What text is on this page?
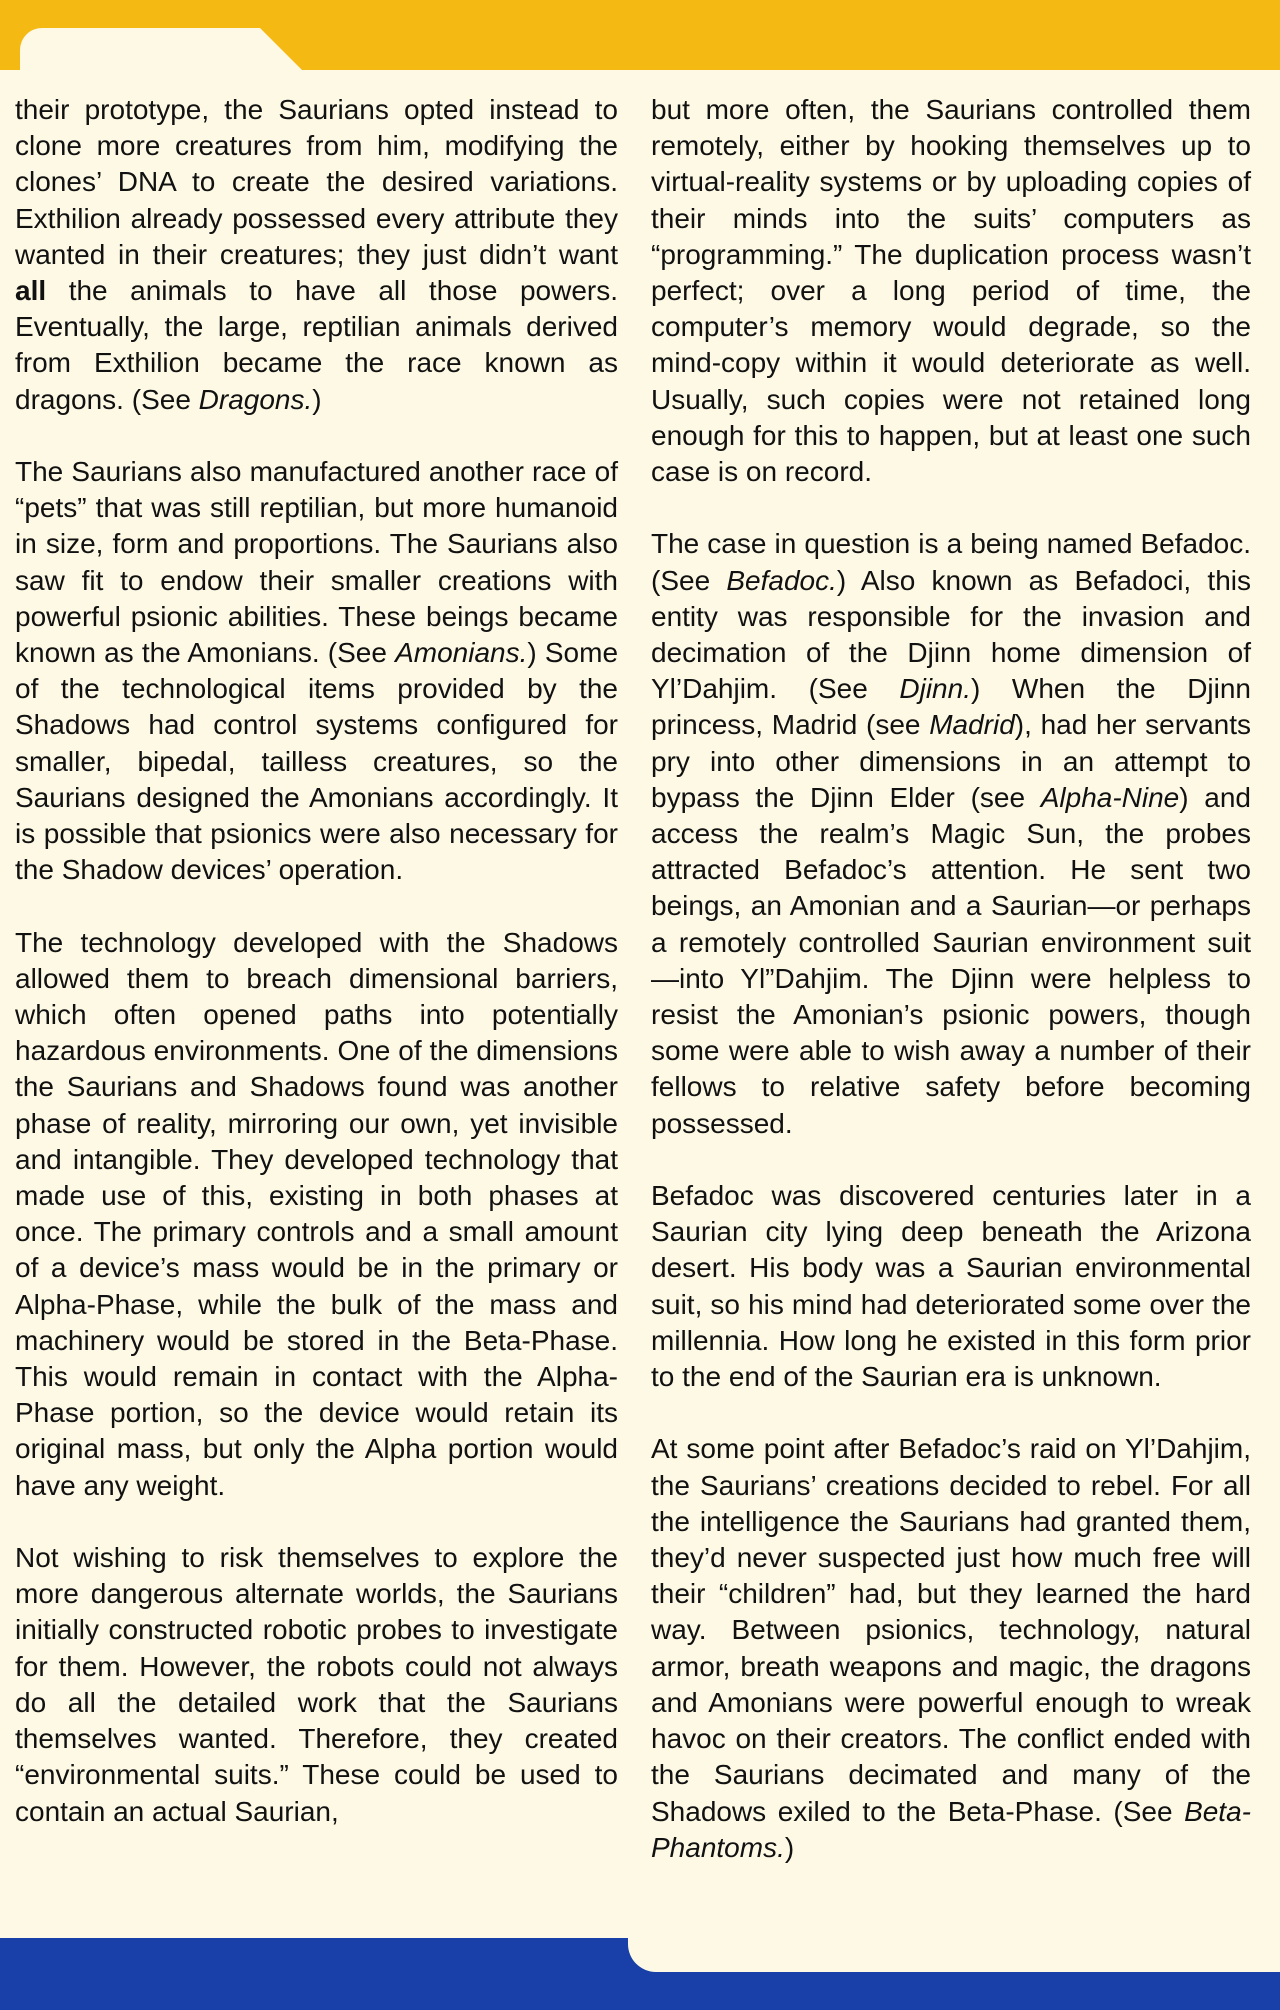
their prototype, the Saurians opted instead to clone more creatures from him, modifying the clones’ DNA to create the desired variations. Exthilion already possessed every attribute they wanted in their creatures; they just didn’t want all the animals to have all those powers. Eventually, the large, reptilian animals derived from Exthilion became the race known as dragons. (See Dragons.)

The Saurians also manufactured another race of “pets” that was still reptilian, but more humanoid in size, form and proportions. The Saurians also saw fit to endow their smaller creations with powerful psionic abilities. These beings became known as the Amonians. (See Amonians.) Some of the technological items provided by the Shadows had control systems configured for smaller, bipedal, tailless creatures, so the Saurians designed the Amonians accordingly. It is possible that psionics were also necessary for the Shadow devices’ operation.

The technology developed with the Shadows allowed them to breach dimensional barriers, which often opened paths into potentially hazardous environments. One of the dimensions the Saurians and Shadows found was another phase of reality, mirroring our own, yet invisible and intangible. They developed technology that made use of this, existing in both phases at once. The primary controls and a small amount of a device’s mass would be in the primary or Alpha-Phase, while the bulk of the mass and machinery would be stored in the Beta-Phase. This would remain in contact with the Alpha-Phase portion, so the device would retain its original mass, but only the Alpha portion would have any weight.

Not wishing to risk themselves to explore the more dangerous alternate worlds, the Saurians initially constructed robotic probes to investigate for them. However, the robots could not always do all the detailed work that the Saurians themselves wanted. Therefore, they created “environmental suits.” These could be used to contain an actual Saurian,

but more often, the Saurians controlled them remotely, either by hooking themselves up to virtual-reality systems or by uploading copies of their minds into the suits’ computers as “programming.” The duplication process wasn’t perfect; over a long period of time, the computer’s memory would degrade, so the mind-copy within it would deteriorate as well. Usually, such copies were not retained long enough for this to happen, but at least one such case is on record.

The case in question is a being named Befadoc. (See Befadoc.) Also known as Befadoci, this entity was responsible for the invasion and decimation of the Djinn home dimension of Yl’Dahjim. (See Djinn.) When the Djinn princess, Madrid (see Madrid), had her servants pry into other dimensions in an attempt to bypass the Djinn Elder (see Alpha-Nine) and access the realm’s Magic Sun, the probes attracted Befadoc’s attention. He sent two beings, an Amonian and a Saurian—or perhaps a remotely controlled Saurian environment suit—into Yl”Dahjim. The Djinn were helpless to resist the Amonian’s psionic powers, though some were able to wish away a number of their fellows to relative safety before becoming possessed.

Befadoc was discovered centuries later in a Saurian city lying deep beneath the Arizona desert. His body was a Saurian environmental suit, so his mind had deteriorated some over the millennia. How long he existed in this form prior to the end of the Saurian era is unknown.

At some point after Befadoc’s raid on Yl’Dahjim, the Saurians’ creations decided to rebel. For all the intelligence the Saurians had granted them, they’d never suspected just how much free will their “children” had, but they learned the hard way. Between psionics, technology, natural armor, breath weapons and magic, the dragons and Amonians were powerful enough to wreak havoc on their creators. The conflict ended with the Saurians decimated and many of the Shadows exiled to the Beta-Phase. (See Beta-Phantoms.)
